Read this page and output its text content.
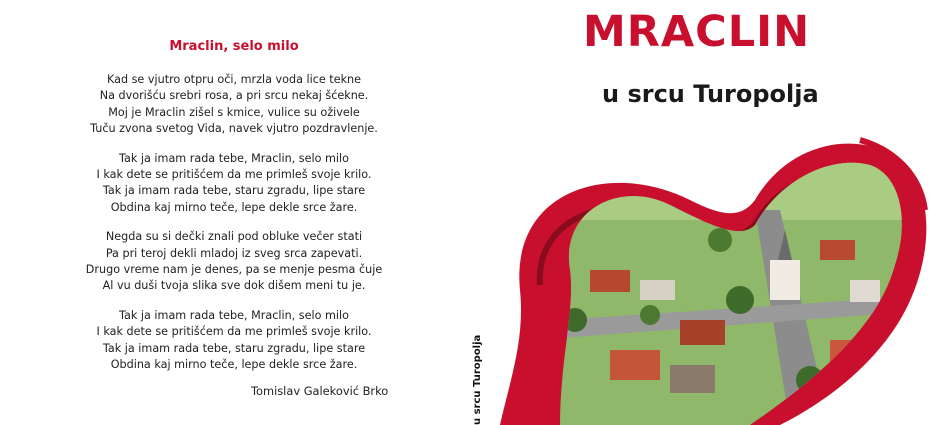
Mraclin, selo milo
Kad se vjutro otpru oči, mrzla voda lice tekne
Na dvorišću srebri rosa, a pri srcu nekaj šćekne.
Moj je Mraclin zišel s kmice, vulice su oživele
Tuču zvona svetog Vida, navek vjutro pozdravlenje.
Tak ja imam rada tebe, Mraclin, selo milo
I kak dete se pritišćem da me primleš svoje krilo.
Tak ja imam rada tebe, staru zgradu, lipe stare
Obdina kaj mirno teče, lepe dekle srce žare.
Negda su si dečki znali pod obluke večer stati
Pa pri teroj dekli mladoj iz sveg srca zapevati.
Drugo vreme nam je denes, pa se menje pesma čuje
Al vu duši tvoja slika sve dok dišem meni tu je.
Tak ja imam rada tebe, Mraclin, selo milo
I kak dete se pritišćem da me primleš svoje krilo.
Tak ja imam rada tebe, staru zgradu, lipe stare
Obdina kaj mirno teče, lepe dekle srce žare.
Tomislav Galeković Brko	u srcu Turopolja
MRACLIN
u srcu Turopolja
